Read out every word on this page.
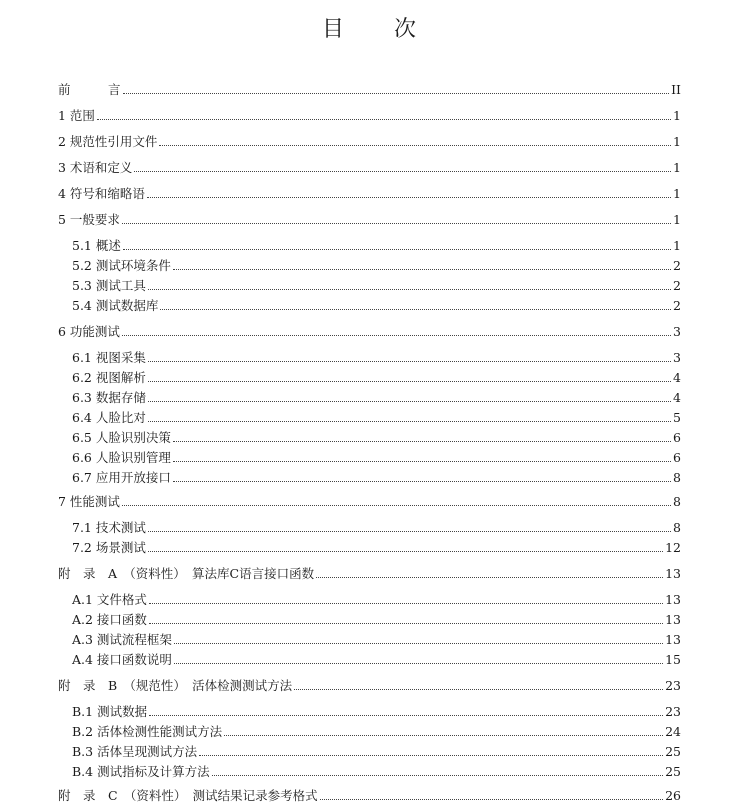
目 次
前　　　言	II
1 范围	1
2 规范性引用文件	1
3 术语和定义	1
4 符号和缩略语	1
5 一般要求	1
5.1 概述	1
5.2 测试环境条件	2
5.3 测试工具	2
5.4 测试数据库	2
6 功能测试	3
6.1 视图采集	3
6.2 视图解析	4
6.3 数据存储	4
6.4 人脸比对	5
6.5 人脸识别决策	6
6.6 人脸识别管理	6
6.7 应用开放接口	8
7 性能测试	8
7.1 技术测试	8
7.2 场景测试	12
附　录　A　（资料性）　算法库C语言接口函数	13
A.1 文件格式	13
A.2 接口函数	13
A.3 测试流程框架	13
A.4 接口函数说明	15
附　录　B　（规范性）　活体检测测试方法	23
B.1 测试数据	23
B.2 活体检测性能测试方法	24
B.3 活体呈现测试方法	25
B.4 测试指标及计算方法	25
附　录　C　（资料性）　测试结果记录参考格式	26
